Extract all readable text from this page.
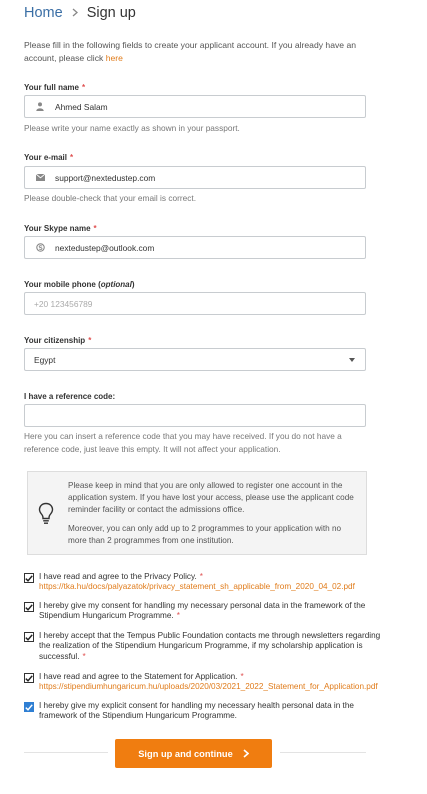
Home Sign up
Please fill in the following fields to create your applicant account. If you already have an account, please click here
Your full name *
Ahmed Salam
Please write your name exactly as shown in your passport.
Your e-mail *
support@nextedustep.com
Please double-check that your email is correct.
Your Skype name *
nextedustep@outlook.com
Your mobile phone (optional)
+20 123456789
Your citizenship *
Egypt
I have a reference code:
Here you can insert a reference code that you may have received. If you do not have a reference code, just leave this empty. It will not affect your application.

Please keep in mind that you are only allowed to register one account in the application system. If you have lost your access, please use the applicant code reminder facility or contact the admissions office.

Moreover, you can only add up to 2 programmes to your application with no more than 2 programmes from one institution.

I have read and agree to the Privacy Policy. *
https://tka.hu/docs/palyazatok/privacy_statement_sh_applicable_from_2020_04_02.pdf
I hereby give my consent for handling my necessary personal data in the framework of the Stipendium Hungaricum Programme. *
I hereby accept that the Tempus Public Foundation contacts me through newsletters regarding the realization of the Stipendium Hungaricum Programme, if my scholarship application is successful. *
I have read and agree to the Statement for Application. *
https://stipendiumhungaricum.hu/uploads/2020/03/2021_2022_Statement_for_Application.pdf
I hereby give my explicit consent for handling my necessary health personal data in the framework of the Stipendium Hungaricum Programme.
Sign up and continue
